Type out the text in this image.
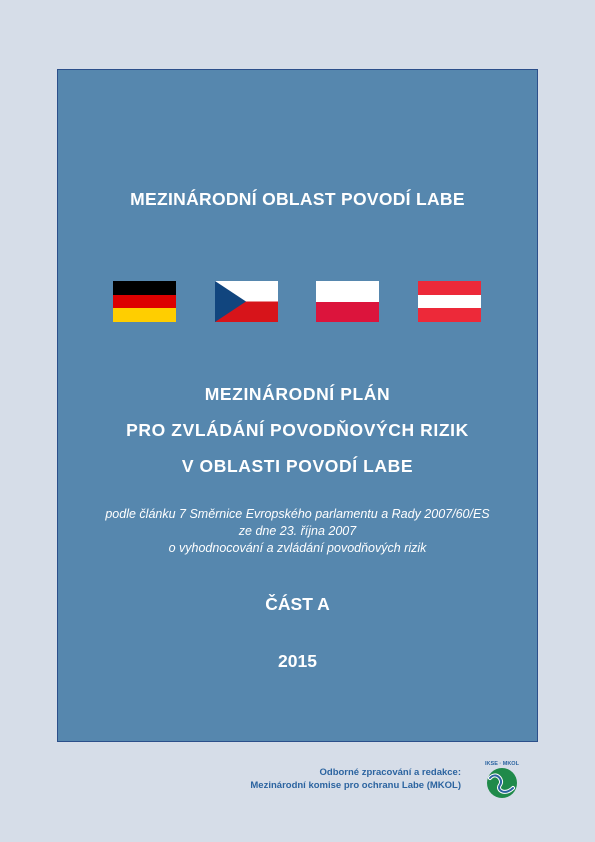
MEZINÁRODNÍ OBLAST POVODÍ LABE
MEZINÁRODNÍ PLÁN
PRO ZVLÁDÁNÍ POVODŇOVÝCH RIZIK
V OBLASTI POVODÍ LABE
podle článku 7 Směrnice Evropského parlamentu a Rady 2007/60/ES
ze dne 23. října 2007
o vyhodnocování a zvládání povodňových rizik
ČÁST A
2015
Odborné zpracování a redakce:
Mezinárodní komise pro ochranu Labe (MKOL)
IKSE · MKOL
